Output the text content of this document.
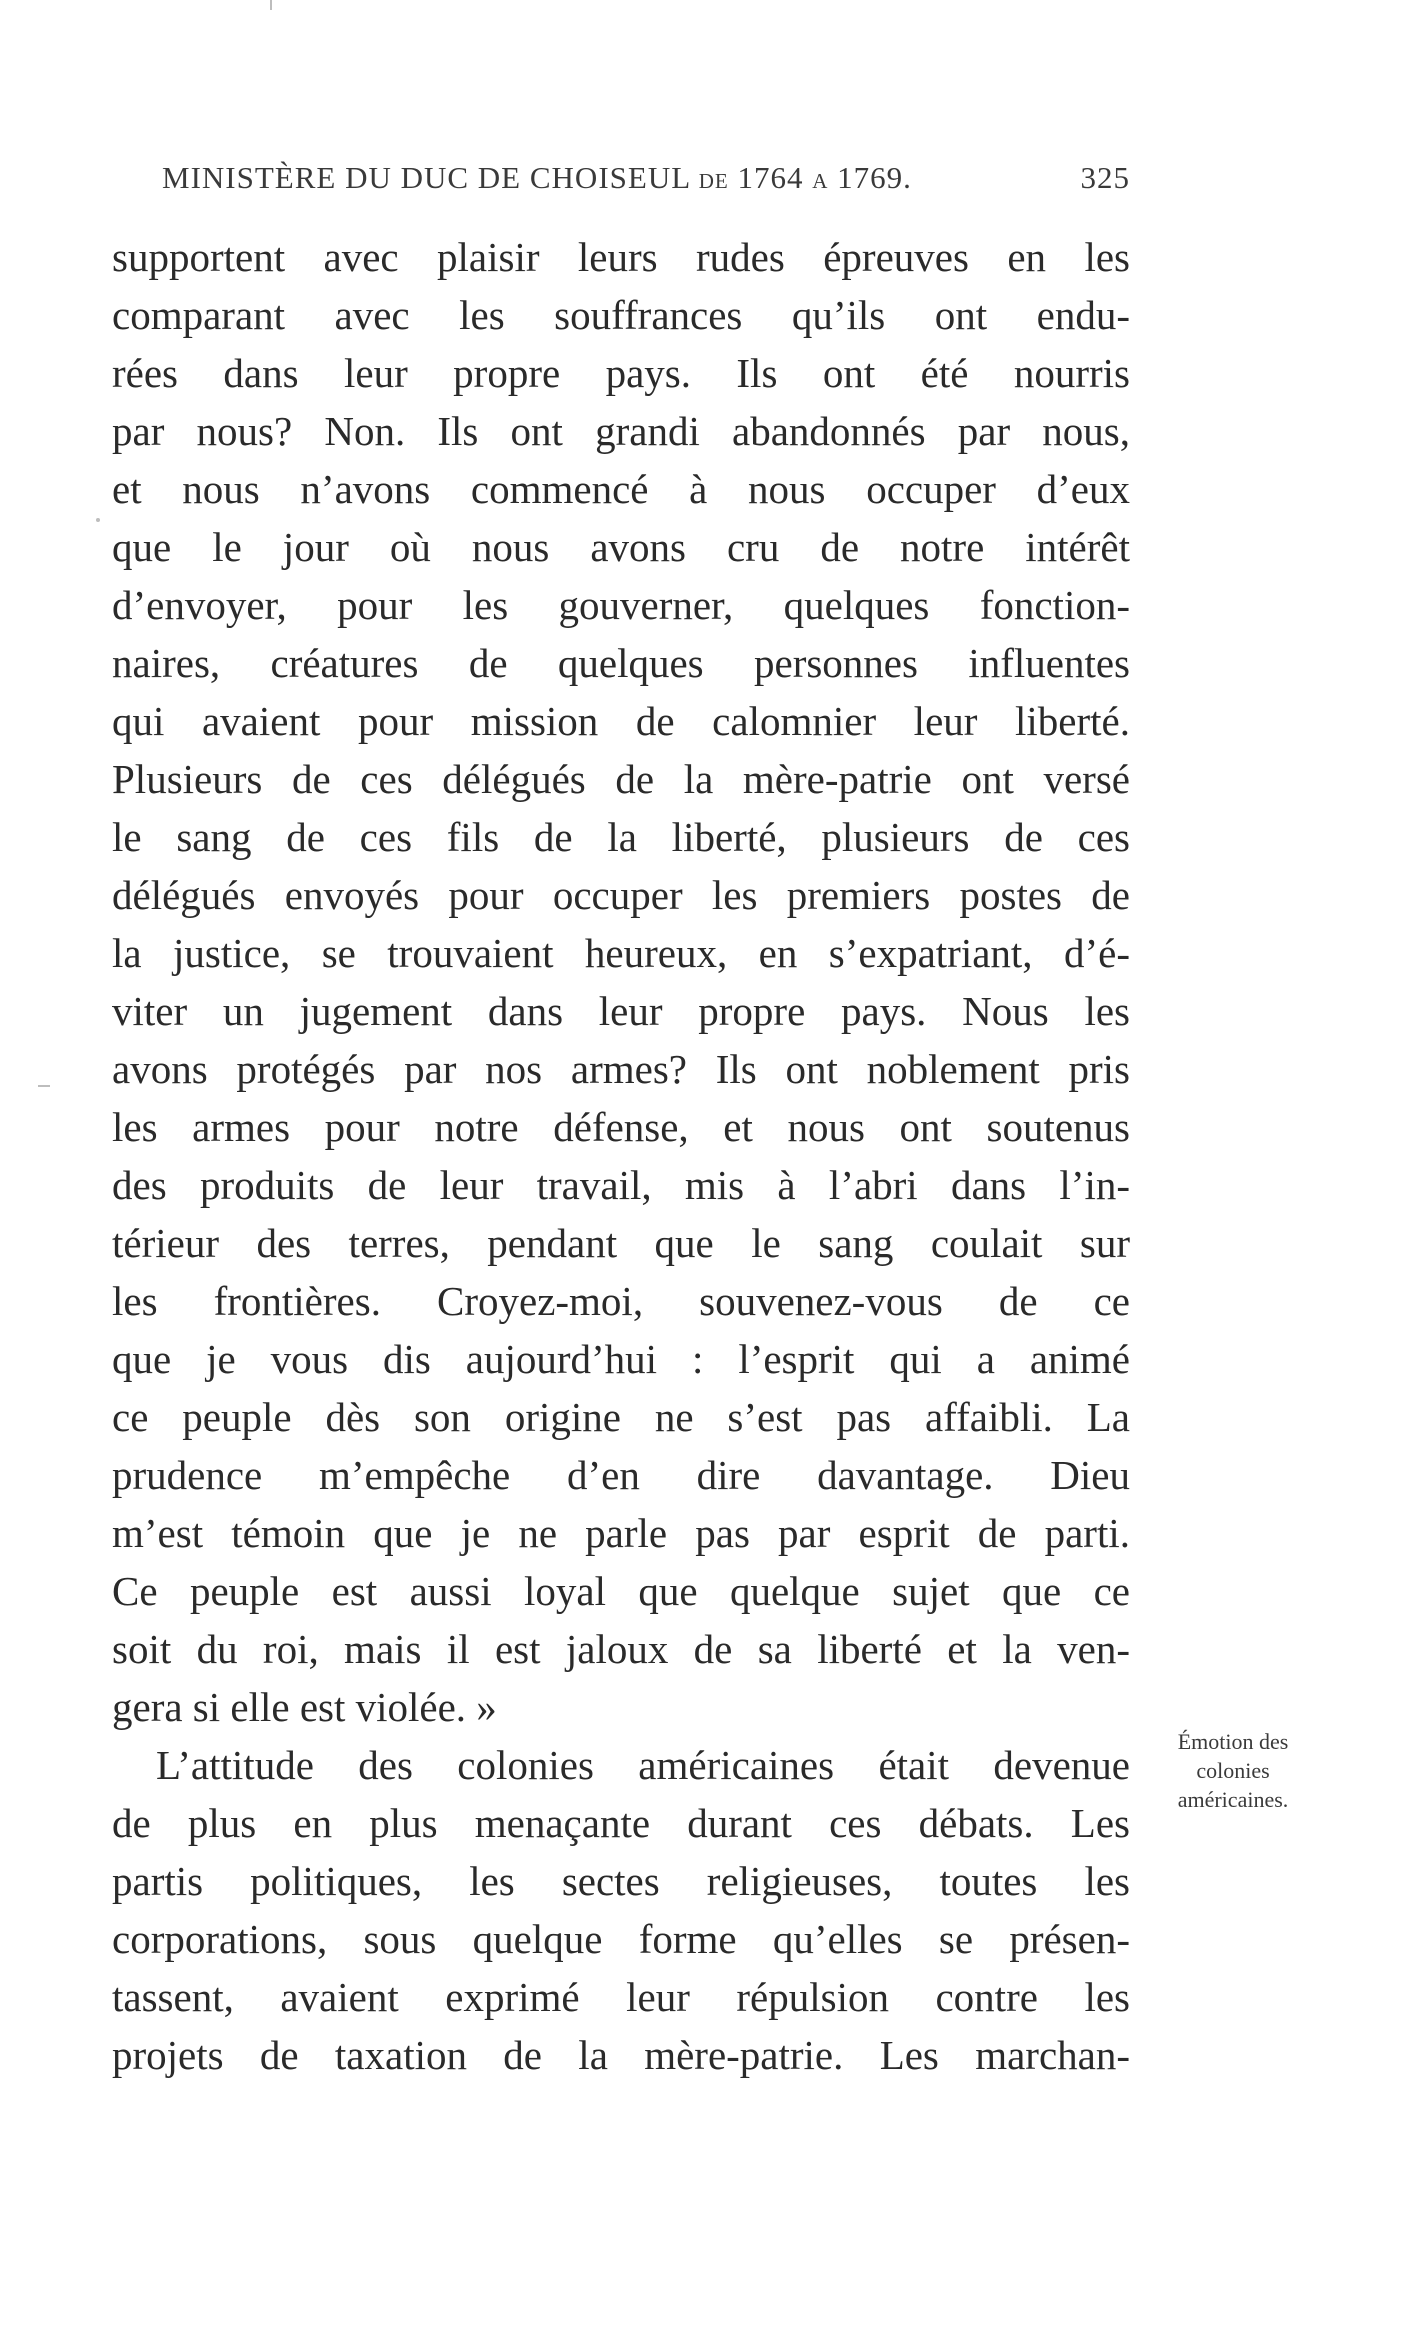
MINISTÈRE DU DUC DE CHOISEUL DE 1764 A 1769.	325
supportent avec plaisir leurs rudes épreuves en les
comparant avec les souffrances qu’ils ont endu-
rées dans leur propre pays. Ils ont été nourris
par nous? Non. Ils ont grandi abandonnés par nous,
et nous n’avons commencé à nous occuper d’eux
que le jour où nous avons cru de notre intérêt
d’envoyer, pour les gouverner, quelques fonction-
naires, créatures de quelques personnes influentes
qui avaient pour mission de calomnier leur liberté.
Plusieurs de ces délégués de la mère-patrie ont versé
le sang de ces fils de la liberté, plusieurs de ces
délégués envoyés pour occuper les premiers postes de
la justice, se trouvaient heureux, en s’expatriant, d’é-
viter un jugement dans leur propre pays. Nous les
avons protégés par nos armes? Ils ont noblement pris
les armes pour notre défense, et nous ont soutenus
des produits de leur travail, mis à l’abri dans l’in-
térieur des terres, pendant que le sang coulait sur
les frontières. Croyez-moi, souvenez-vous de ce
que je vous dis aujourd’hui : l’esprit qui a animé
ce peuple dès son origine ne s’est pas affaibli. La
prudence m’empêche d’en dire davantage. Dieu
m’est témoin que je ne parle pas par esprit de parti.
Ce peuple est aussi loyal que quelque sujet que ce
soit du roi, mais il est jaloux de sa liberté et la ven-
gera si elle est violée. »
L’attitude des colonies américaines était devenue
de plus en plus menaçante durant ces débats. Les
partis politiques, les sectes religieuses, toutes les
corporations, sous quelque forme qu’elles se présen-
tassent, avaient exprimé leur répulsion contre les
projets de taxation de la mère-patrie. Les marchan-
Émotion des
colonies
américaines.
